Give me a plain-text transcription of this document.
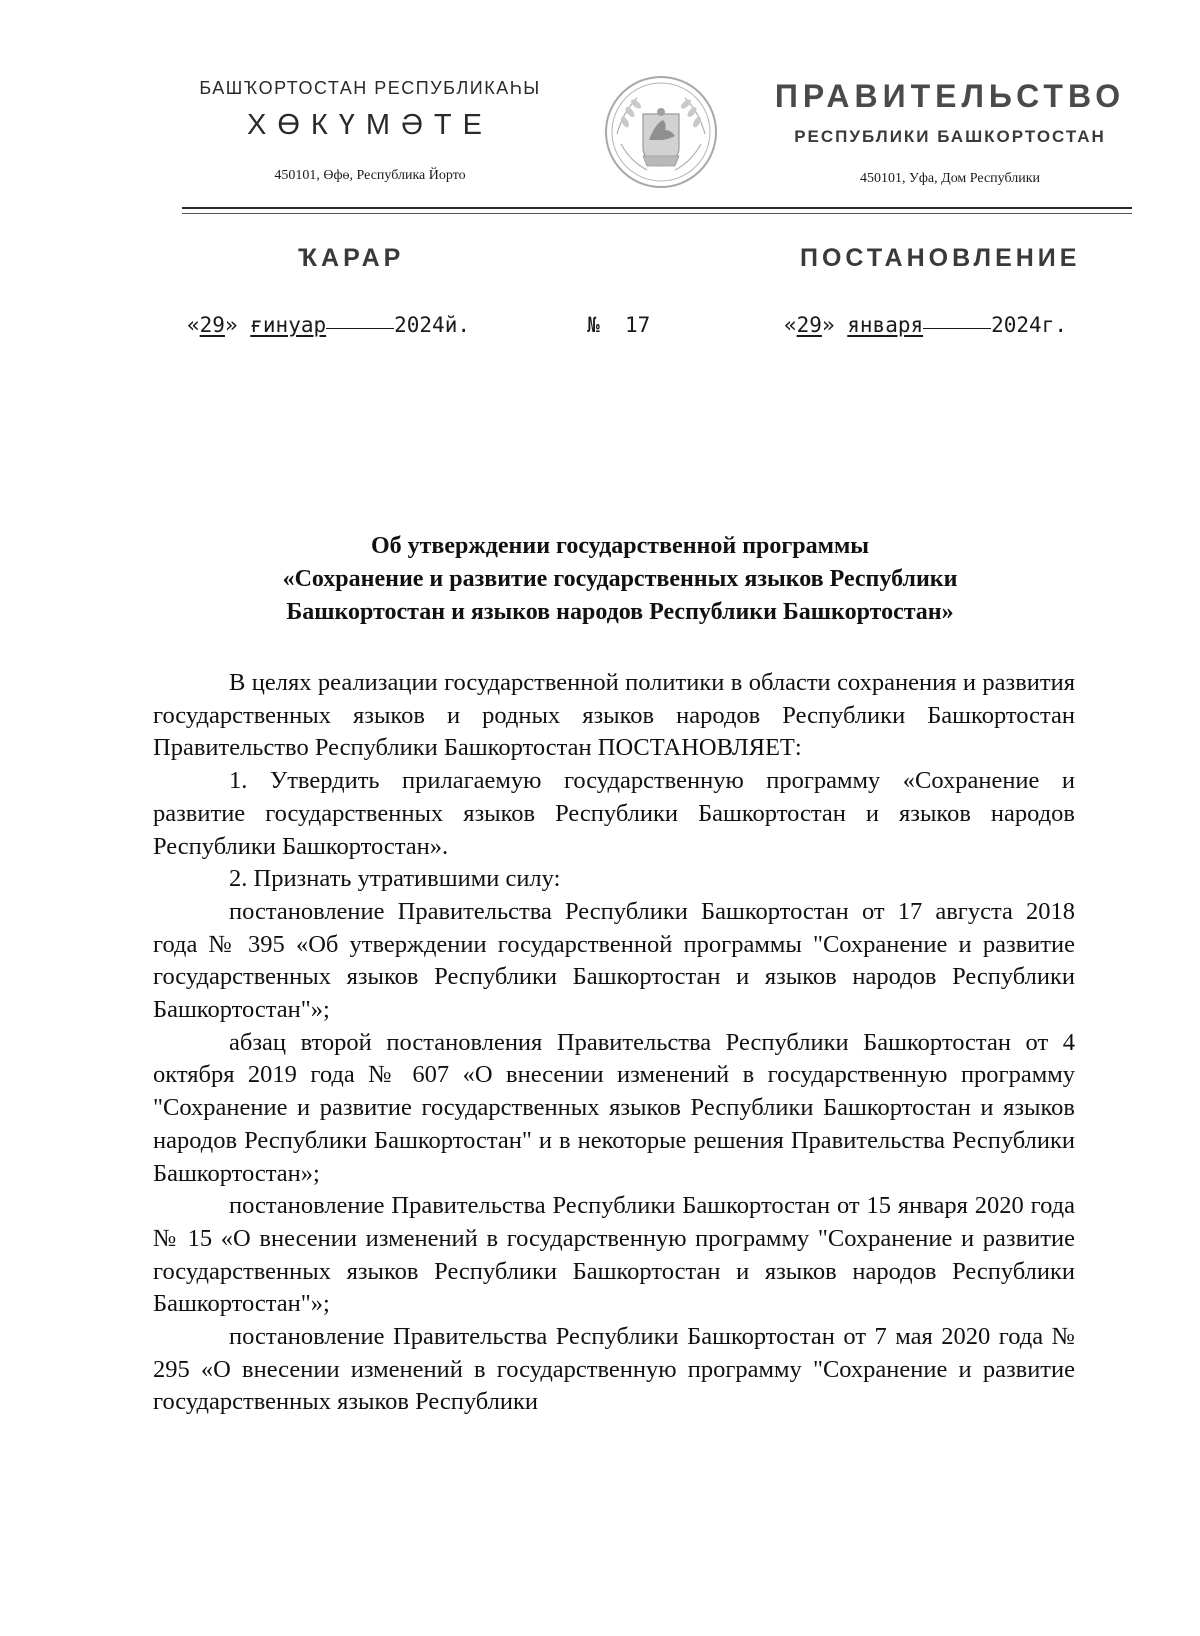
БАШҠОРТОСТАН РЕСПУБЛИКАҺЫ

ХӨКҮМӘТЕ

450101, Өфө, Республика Йорто

ПРАВИТЕЛЬСТВО

РЕСПУБЛИКИ БАШКОРТОСТАН

450101, Уфа, Дом Республики

ҠАРАР	ПОСТАНОВЛЕНИЕ
«29» ғинуар	2024й.	№ 17	«29» января	2024г.
Об утверждении государственной программы
«Сохранение и развитие государственных языков Республики
Башкортостан и языков народов Республики Башкортостан»

В целях реализации государственной политики в области сохранения и развития государственных языков и родных языков народов Республики Башкортостан Правительство Республики Башкортостан ПОСТАНОВЛЯЕТ:

1. Утвердить прилагаемую государственную программу «Сохранение и развитие государственных языков Республики Башкортостан и языков народов Республики Башкортостан».

2. Признать утратившими силу:

постановление Правительства Республики Башкортостан от 17 августа 2018 года № 395 «Об утверждении государственной программы "Сохранение и развитие государственных языков Республики Башкортостан и языков народов Республики Башкортостан"»;

абзац второй постановления Правительства Республики Башкортостан от 4 октября 2019 года № 607 «О внесении изменений в государственную программу "Сохранение и развитие государственных языков Республики Башкортостан и языков народов Республики Башкортостан" и в некоторые решения Правительства Республики Башкортостан»;

постановление Правительства Республики Башкортостан от 15 января 2020 года № 15 «О внесении изменений в государственную программу "Сохранение и развитие государственных языков Республики Башкортостан и языков народов Республики Башкортостан"»;

постановление Правительства Республики Башкортостан от 7 мая 2020 года № 295 «О внесении изменений в государственную программу "Сохранение и развитие государственных языков Республики
